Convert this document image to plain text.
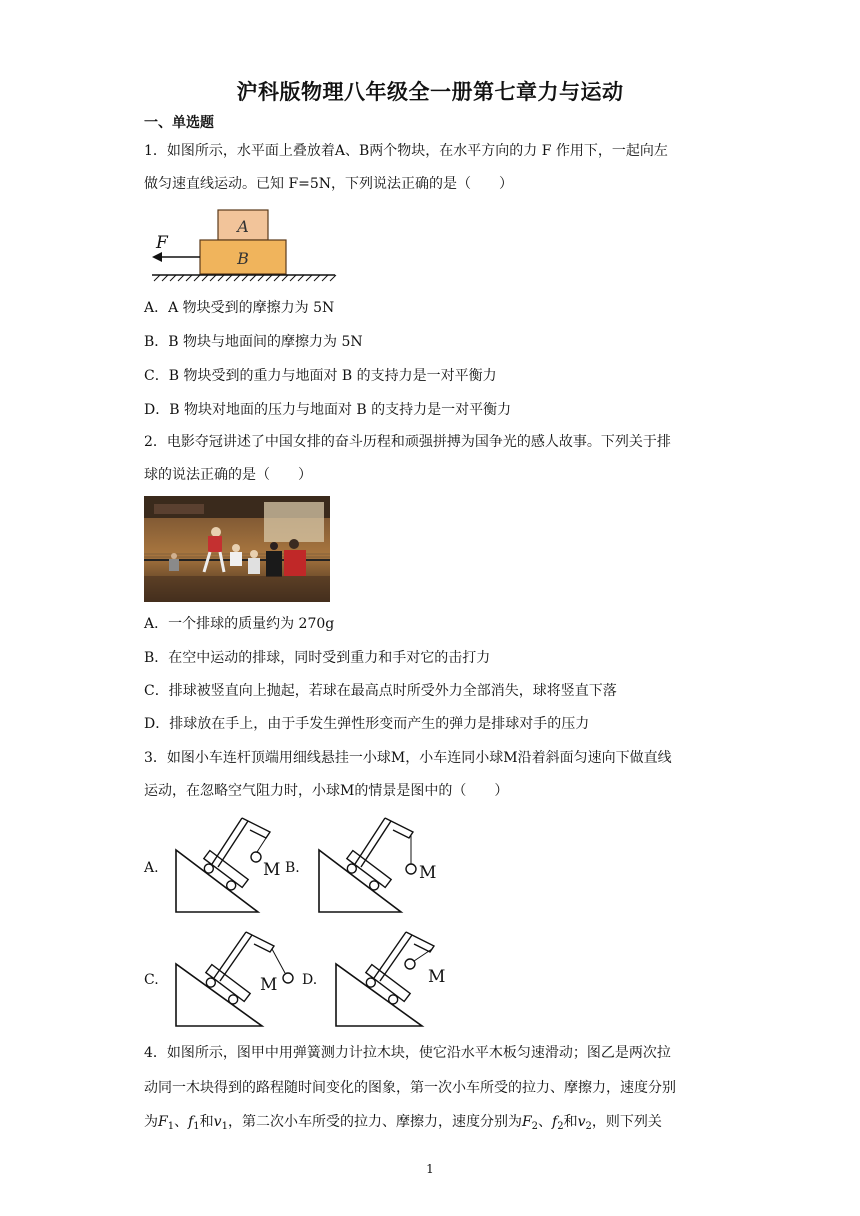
沪科版物理八年级全一册第七章力与运动
一、单选题
1．如图所示，水平面上叠放着A、B两个物块，在水平方向的力 F 作用下，一起向左
做匀速直线运动。已知 F=5N，下列说法正确的是（　　）
A
B
F
A．A 物块受到的摩擦力为 5N
B．B 物块与地面间的摩擦力为 5N
C．B 物块受到的重力与地面对 B 的支持力是一对平衡力
D．B 物块对地面的压力与地面对 B 的支持力是一对平衡力
2．电影夺冠讲述了中国女排的奋斗历程和顽强拼搏为国争光的感人故事。下列关于排
球的说法正确的是（　　）
A．一个排球的质量约为 270g
B．在空中运动的排球，同时受到重力和手对它的击打力
C．排球被竖直向上抛起，若球在最高点时所受外力全部消失，球将竖直下落
D．排球放在手上，由于手发生弹性形变而产生的弹力是排球对手的压力
3．如图小车连杆顶端用细线悬挂一小球M，小车连同小球M沿着斜面匀速向下做直线
运动，在忽略空气阻力时，小球M的情景是图中的（　　）
A.	M B.	M
C.	M D.	M
4．如图所示，图甲中用弹簧测力计拉木块，使它沿水平木板匀速滑动；图乙是两次拉
动同一木块得到的路程随时间变化的图象，第一次小车所受的拉力、摩擦力，速度分别
为$F_1$、$f_1$和$v_1$，第二次小车所受的拉力、摩擦力，速度分别为$F_2$、$f_2$和$v_2$，则下列关
1
